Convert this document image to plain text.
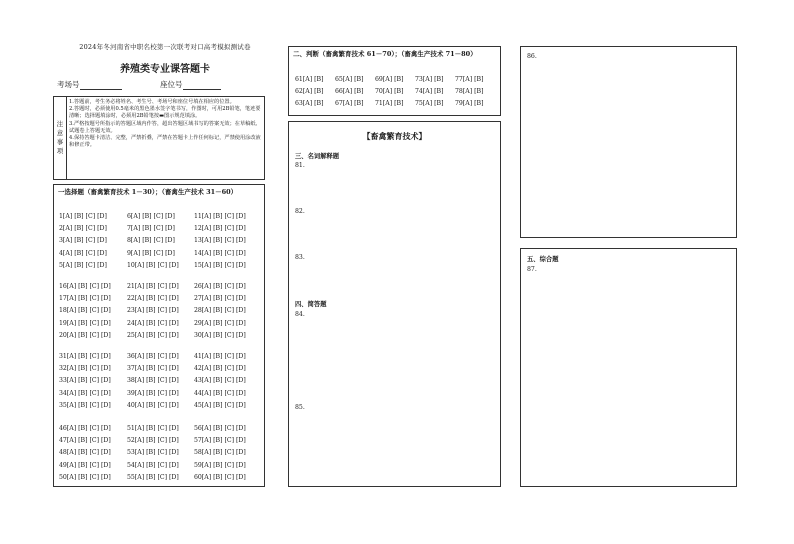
2024年冬河南省中职名校第一次联考对口高考模拟测试卷
养殖类专业课答题卡
考场号	座位号
注
意
事
项
1.答题前，考生务必将姓名、考生号、考场号和座位号填在相应的位置。
2.答题时，必须使用0.5毫米的黑色墨水签字笔书写，作图时，可用2B铅笔，笔迹要清晰；选择题填涂时，必须用2B铅笔按▬图示规范填涂。
3.严格按题号所指示的答题区域内作答，超出答题区域书写的答案无效；在草稿纸、试题卷上答题无效。
4.保持答题卡清洁、完整，严禁折叠，严禁在答题卡上作任何标记，严禁使用涂改液和修正带。
一选择题（畜禽繁育技术 1－30）；（畜禽生产技术 31－60）
1[A] [B] [C] [D]	6[A] [B] [C] [D]	11[A] [B] [C] [D]
2[A] [B] [C] [D]	7[A] [B] [C] [D]	12[A] [B] [C] [D]
3[A] [B] [C] [D]	8[A] [B] [C] [D]	13[A] [B] [C] [D]
4[A] [B] [C] [D]	9[A] [B] [C] [D]	14[A] [B] [C] [D]
5[A] [B] [C] [D]	10[A] [B] [C] [D] 15[A] [B] [C] [D]
16[A] [B] [C] [D]	21[A] [B] [C] [D] 26[A] [B] [C] [D]
17[A] [B] [C] [D]	22[A] [B] [C] [D] 27[A] [B] [C] [D]
18[A] [B] [C] [D]	23[A] [B] [C] [D] 28[A] [B] [C] [D]
19[A] [B] [C] [D]	24[A] [B] [C] [D] 29[A] [B] [C] [D]
20[A] [B] [C] [D]	25[A] [B] [C] [D] 30[A] [B] [C] [D]
31[A] [B] [C] [D]	36[A] [B] [C] [D] 41[A] [B] [C] [D]
32[A] [B] [C] [D]	37[A] [B] [C] [D] 42[A] [B] [C] [D]
33[A] [B] [C] [D]	38[A] [B] [C] [D] 43[A] [B] [C] [D]
34[A] [B] [C] [D]	39[A] [B] [C] [D] 44[A] [B] [C] [D]
35[A] [B] [C] [D]	40[A] [B] [C] [D] 45[A] [B] [C] [D]
46[A] [B] [C] [D]	51[A] [B] [C] [D] 56[A] [B] [C] [D]
47[A] [B] [C] [D]	52[A] [B] [C] [D] 57[A] [B] [C] [D]
48[A] [B] [C] [D]	53[A] [B] [C] [D] 58[A] [B] [C] [D]
49[A] [B] [C] [D]	54[A] [B] [C] [D] 59[A] [B] [C] [D]
50[A] [B] [C] [D]	55[A] [B] [C] [D] 60[A] [B] [C] [D]
二、判断（畜禽繁育技术 61－70）；（畜禽生产技术 71－80）
61[A] [B] 65[A] [B] 69[A] [B] 73[A] [B] 77[A] [B]
62[A] [B] 66[A] [B] 70[A] [B] 74[A] [B] 78[A] [B]
63[A] [B] 67[A] [B] 71[A] [B] 75[A] [B] 79[A] [B]
【畜禽繁育技术】
三、名词解释题
81.
82.
83.
四、简答题
84.
85.
86.
五、综合题
87.
